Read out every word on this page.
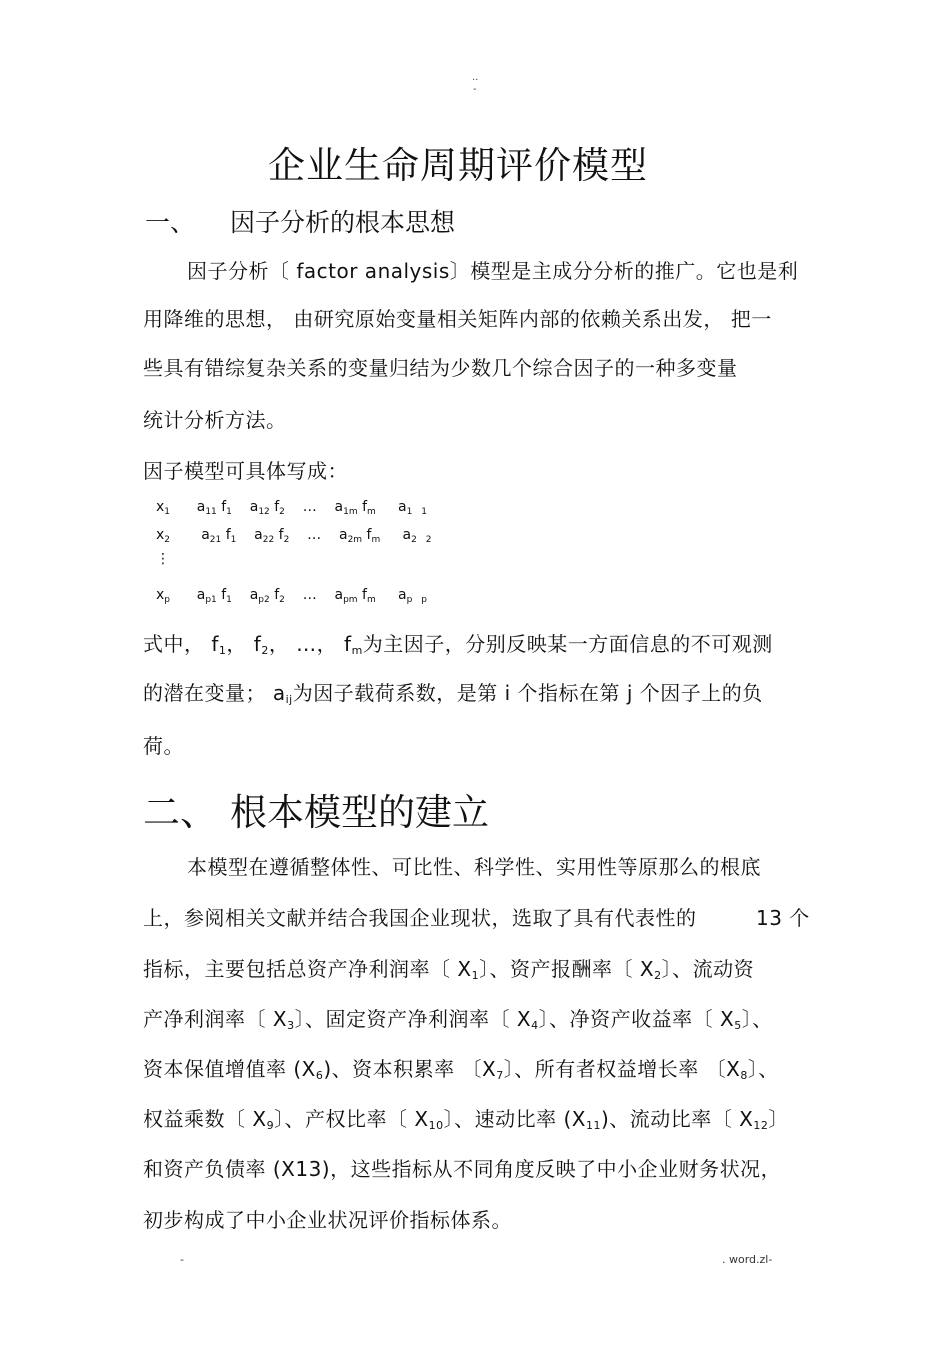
..
-
企业生命周期评价模型
一、 因子分析的根本思想
因子分析〔 factor analysis〕模型是主成分分析的推广。它也是利
用降维的思想， 由研究原始变量相关矩阵内部的依赖关系出发， 把一
些具有错综复杂关系的变量归结为少数几个综合因子的一种多变量
统计分析方法。
因子模型可具体写成：
$x_1$ $a_{11}$ $f_1$ $a_{12}$ $f_2$ … $a_{1m}$ $f_m$ $a_1$ $_1$
$x_2$ $a_{21}$ $f_1$ $a_{22}$ $f_2$ … $a_{2m}$ $f_m$ $a_2$ $_2$
⋮
$x_p$ $a_{p1}$ $f_1$ $a_{p2}$ $f_2$ … $a_{pm}$ $f_m$ $a_p$ $_p$
式中， $f_1$， $f_2$， …， $f_m$为主因子，分别反映某一方面信息的不可观测
的潜在变量； $a_{ij}$为因子载荷系数，是第 i 个指标在第 j 个因子上的负
荷。
二、 根本模型的建立
本模型在遵循整体性、可比性、科学性、实用性等原那么的根底
上，参阅相关文献并结合我国企业现状，选取了具有代表性的	13 个
指标，主要包括总资产净利润率〔 $X_1$〕、资产报酬率〔 $X_2$〕、流动资
产净利润率〔 $X_3$〕、固定资产净利润率〔 $X_4$〕、净资产收益率〔 $X_5$〕、
资本保值增值率 $(X_6)$、资本积累率 〔$X_7$〕、所有者权益增长率 〔$X_8$〕、
权益乘数〔 $X_9$〕、产权比率〔 $X_{10}$〕、速动比率 $(X_{11})$、流动比率〔 $X_{12}$〕
和资产负债率 (X13)，这些指标从不同角度反映了中小企业财务状况，
初步构成了中小企业状况评价指标体系。
-	. word.zl-
